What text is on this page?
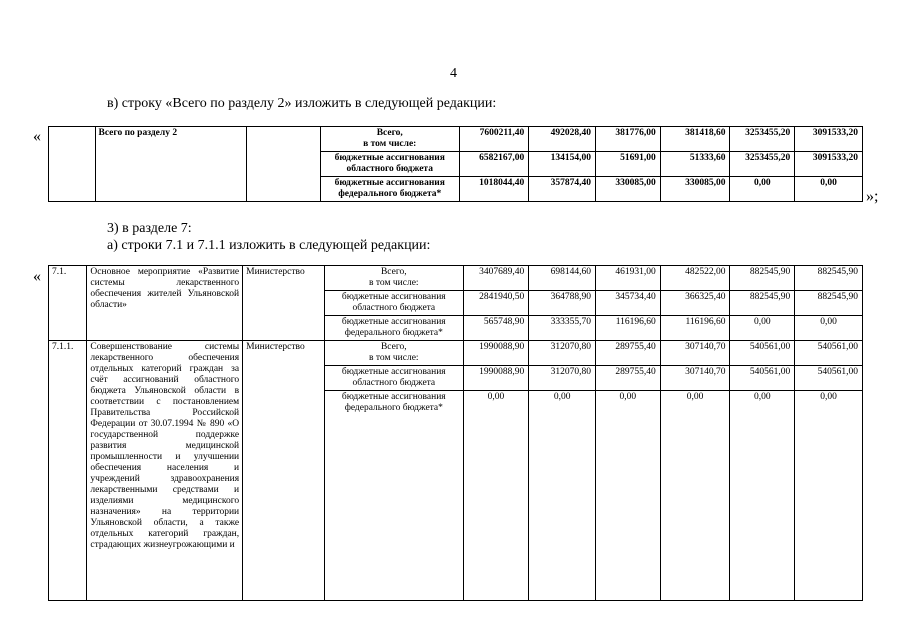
4
в) строку «Всего по разделу 2» изложить в следующей редакции:
«
		Всего по разделу 2		Всего,
в том числе:	7600211,40	492028,40	381776,00	381418,60	3253455,20	3091533,20
			бюджетные ассигнования областного бюджета	6582167,00	134154,00	51691,00	51333,60	3253455,20	3091533,20
			бюджетные ассигнования федерального бюджета*	1018044,40	357874,40	330085,00	330085,00	0,00	0,00
»;
3) в разделе 7:
а) строки 7.1 и 7.1.1 изложить в следующей редакции:
« 7.1.	Основное мероприятие «Развитие системы лекарственного обеспечения жителей Ульяновской области»	Министерство	Всего,
в том числе:	3407689,40	698144,60	461931,00	482522,00	882545,90	882545,90
			бюджетные ассигнования областного бюджета	2841940,50	364788,90	345734,40	366325,40	882545,90	882545,90
			бюджетные ассигнования федерального бюджета*	565748,90	333355,70	116196,60	116196,60	0,00	0,00
7.1.1.	Совершенствование системы лекарственного обеспечения отдельных категорий граждан за счёт ассигнований областного бюджета Ульяновской области в соответствии с постановлением Правительства Российской Федерации от 30.07.1994 № 890 «О государственной поддержке развития медицинской промышленности и улучшении обеспечения населения и учреждений здравоохранения лекарственными средствами и изделиями медицинского назначения» на территории Ульяновской области, а также отдельных категорий граждан, страдающих жизнеугрожающими и	Министерство	Всего,
в том числе:	1990088,90	312070,80	289755,40	307140,70	540561,00	540561,00
			бюджетные ассигнования областного бюджета	1990088,90	312070,80	289755,40	307140,70	540561,00	540561,00
			бюджетные ассигнования федерального бюджета*	0,00	0,00	0,00	0,00	0,00	0,00
